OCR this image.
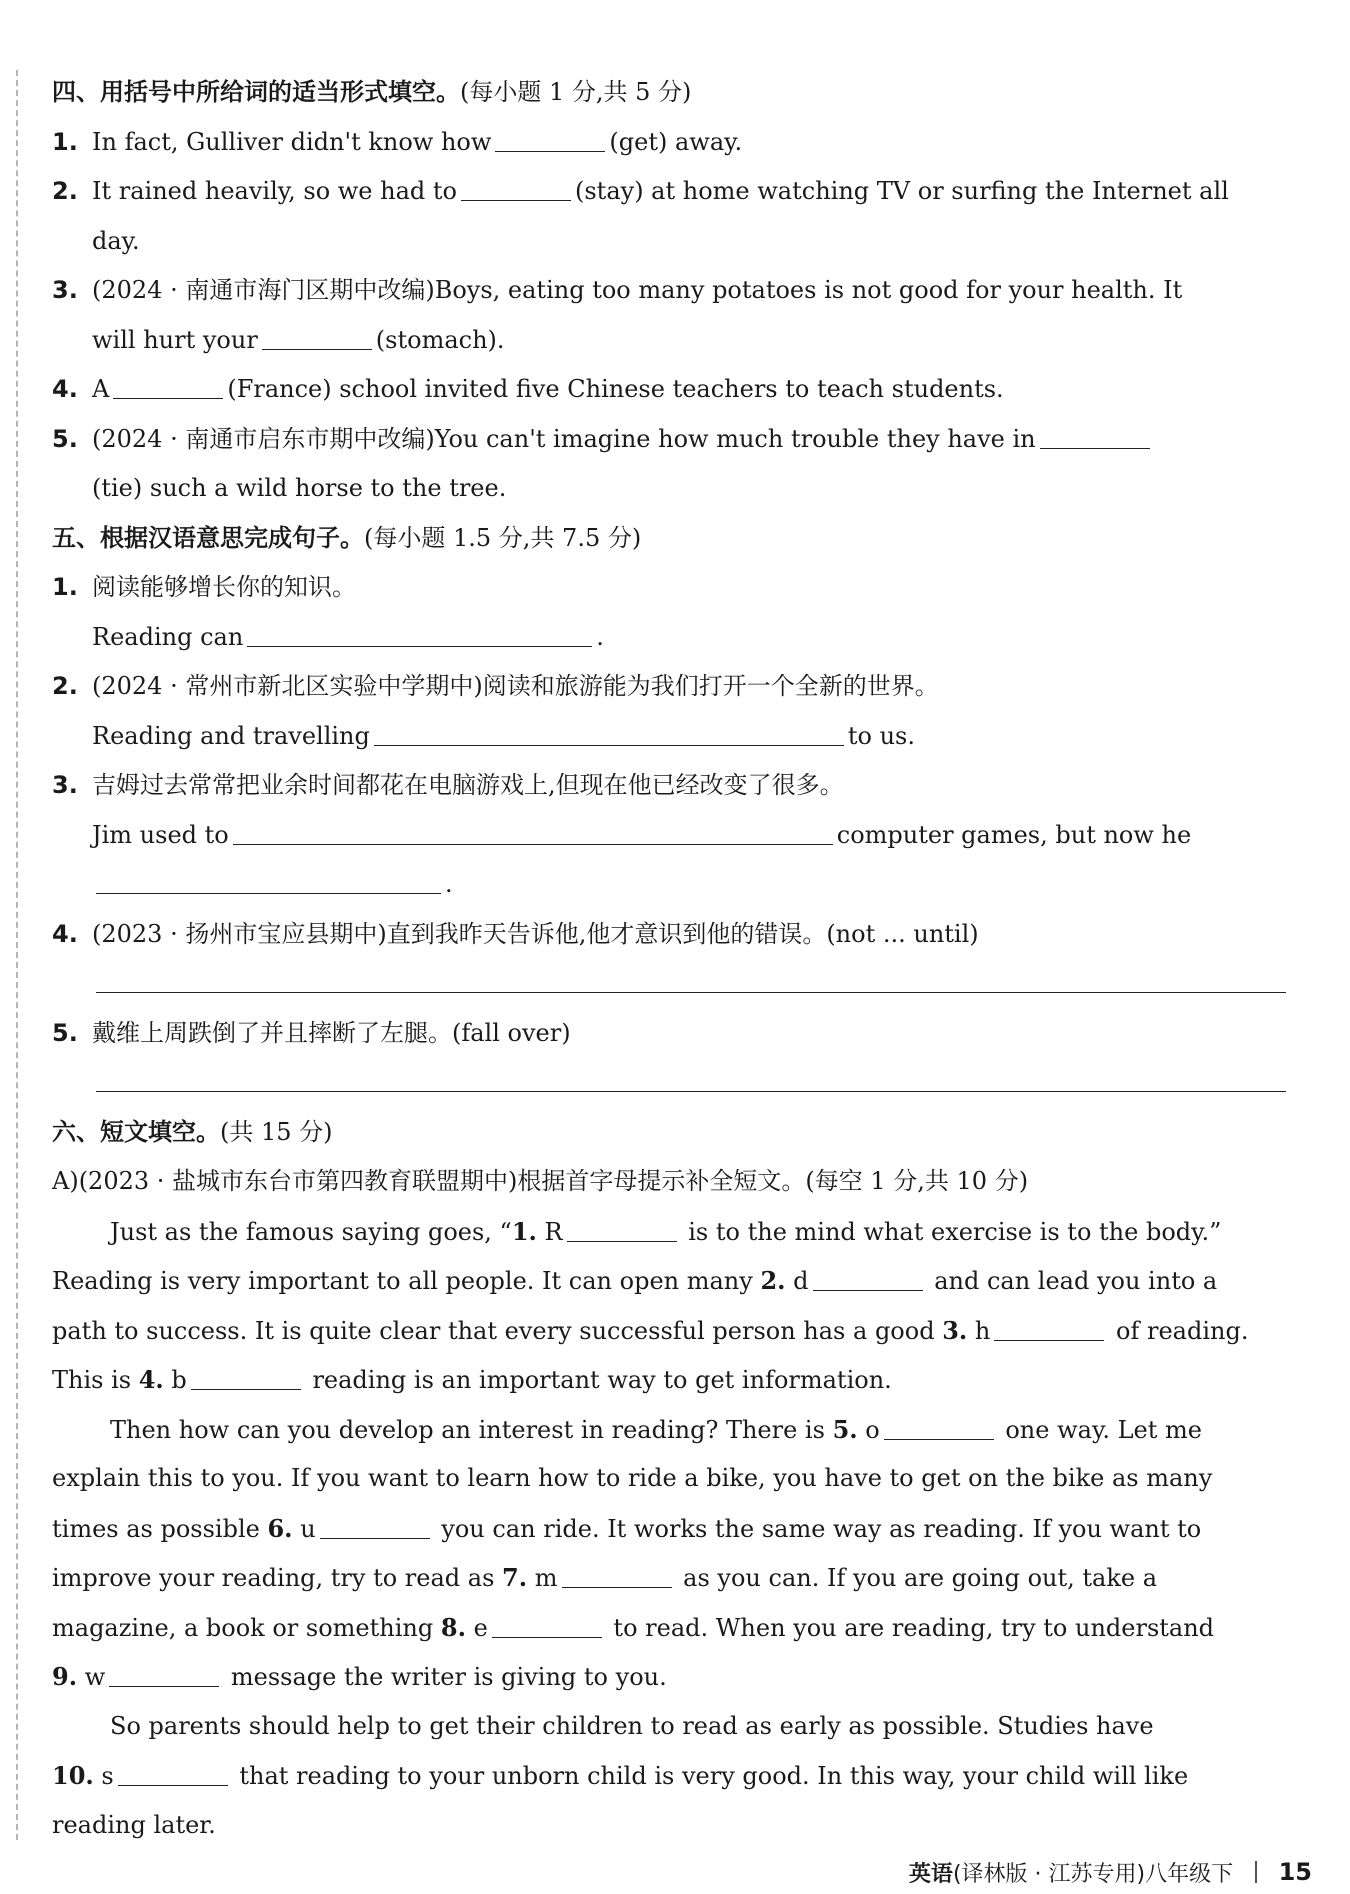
四、用括号中所给词的适当形式填空。(每小题 1 分,共 5 分)
1. In fact, Gulliver didn't know how	(get) away.
2. It rained heavily, so we had to	(stay) at home watching TV or surfing the Internet all
day.
3. (2024 · 南通市海门区期中改编)Boys, eating too many potatoes is not good for your health. It
will hurt your	(stomach).
4. A	(France) school invited five Chinese teachers to teach students.
5. (2024 · 南通市启东市期中改编)You can't imagine how much trouble they have in
(tie) such a wild horse to the tree.
五、根据汉语意思完成句子。(每小题 1.5 分,共 7.5 分)
1. 阅读能够增长你的知识。
Reading can	.
2. (2024 · 常州市新北区实验中学期中)阅读和旅游能为我们打开一个全新的世界。
Reading and travelling	to us.
3. 吉姆过去常常把业余时间都花在电脑游戏上,但现在他已经改变了很多。
Jim used to	computer games, but now he
.
4. (2023 · 扬州市宝应县期中)直到我昨天告诉他,他才意识到他的错误。(not ... until)
5. 戴维上周跌倒了并且摔断了左腿。(fall over)
六、短文填空。(共 15 分)
A)(2023 · 盐城市东台市第四教育联盟期中)根据首字母提示补全短文。(每空 1 分,共 10 分)
Just as the famous saying goes, “1. R	is to the mind what exercise is to the body.”
Reading is very important to all people. It can open many 2. d	and can lead you into a
path to success. It is quite clear that every successful person has a good 3. h	of reading.
This is 4. b	reading is an important way to get information.
Then how can you develop an interest in reading? There is 5. o	one way. Let me
explain this to you. If you want to learn how to ride a bike, you have to get on the bike as many
times as possible 6. u	you can ride. It works the same way as reading. If you want to
improve your reading, try to read as 7. m	as you can. If you are going out, take a
magazine, a book or something 8. e	to read. When you are reading, try to understand
9. w	message the writer is giving to you.
So parents should help to get their children to read as early as possible. Studies have
10. s	that reading to your unborn child is very good. In this way, your child will like
reading later.
英语 (译林版 · 江苏专用)八年级下 15
